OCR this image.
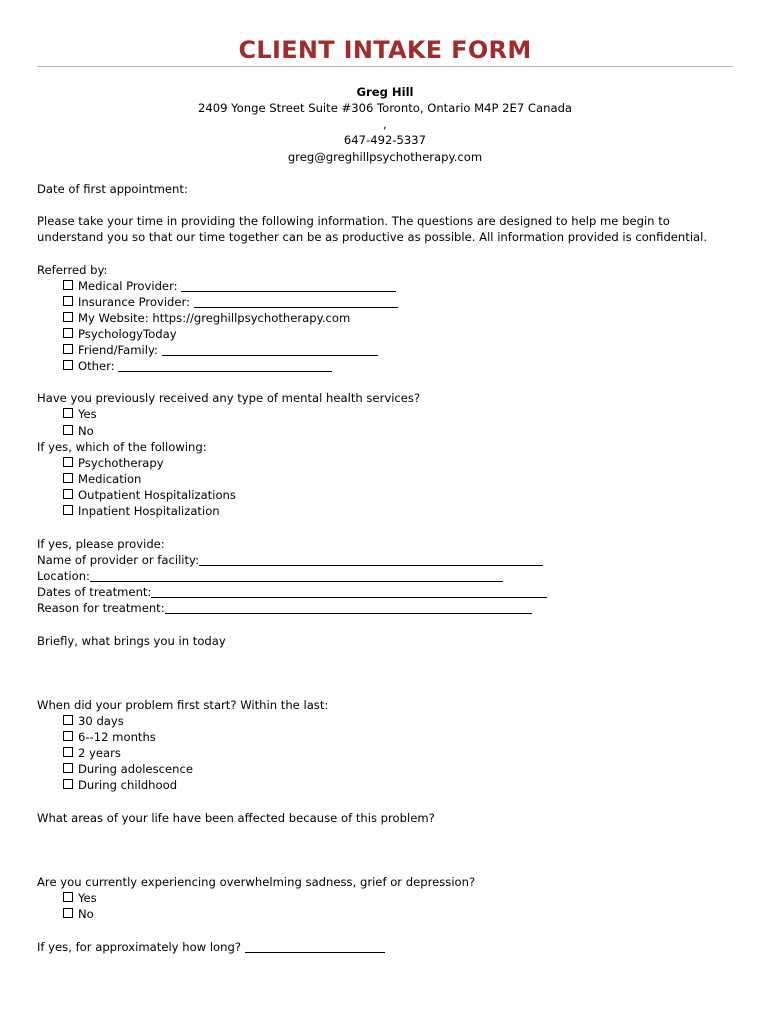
CLIENT INTAKE FORM
Greg Hill
2409 Yonge Street Suite #306 Toronto, Ontario M4P 2E7 Canada
,
647-492-5337
greg@greghillpsychotherapy.com
Date of first appointment:
Please take your time in providing the following information. The questions are designed to help me begin to
understand you so that our time together can be as productive as possible. All information provided is confidential.
Referred by:
Medical Provider:
Insurance Provider:
My Website: https://greghillpsychotherapy.com
PsychologyToday
Friend/Family:
Other:
Have you previously received any type of mental health services?
Yes
No
If yes, which of the following:
Psychotherapy
Medication
Outpatient Hospitalizations
Inpatient Hospitalization
If yes, please provide:
Name of provider or facility:
Location:
Dates of treatment:
Reason for treatment:
Briefly, what brings you in today
When did your problem first start? Within the last:
30 days
6--12 months
2 years
During adolescence
During childhood
What areas of your life have been affected because of this problem?
Are you currently experiencing overwhelming sadness, grief or depression?
Yes
No
If yes, for approximately how long?
